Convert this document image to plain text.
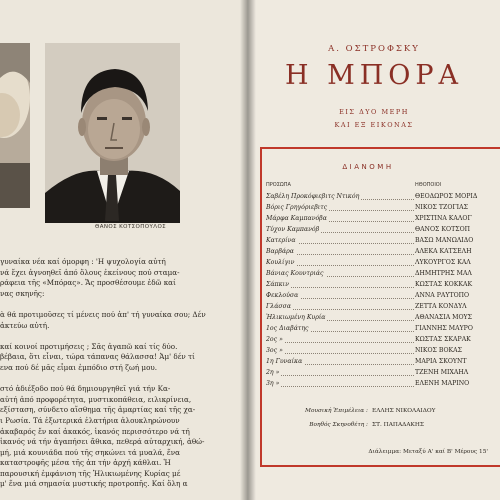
ΘΑΝΟΣ ΚΟΤΣΟΠΟΥΛΟΣ

γυναίκα νέα καί όμορφη : 'Η ψυχολογία αὐτή

νά ἔχει ἀγνοηθεῖ ἀπό ὅλους ἐκείνους πού σταμα-

ράφεια τῆς «Μπόρας». Ἄς προσθέσουμε ἐδῶ καί

νας σκηνῆς:

ὰ θά προτιμοῦσες τί μένεις πού ἀπ' τή γυναίκα σου; Δέν

ἀκτεύω αὐτή.

καί κοινοί προτιμήσεις ; Σᾶς ἀγαπῶ καί τίς δύο.

βέβαια, ὅτι εἶναι, τώρα τάπανας θάλασσα! Ἀμ' δέν τί

ενα πού δέ μᾶς εἶμαι ἐμπόδιο στή ζωή μου.

στό ἀδιέξοδο πού θά δημιουργηθεῖ γιά τήν Κα-

αὐτή ἀπό προφορέτητα, μυστικοπάθεια, ειλικρίνεια,

εξίσταση, σύνδετο αἴσθημα τῆς ἁμαρτίας καί τῆς χα-

ι Ρωσία. Τά ἐξωτερικά ἐλατήρια ἀλουκληρώνουν

ἀκαβαρός ἔν καί ἀκακός, ἱκανός περισσότερο νά τή

ἱκανός νά τήν ἀγαπήσει ἄθικα, πεθερά αὐταρχική, ἀθώ-

μή, μιά κουνιάδα πού τῆς σηκώνει τά μυαλά, ἕνα

καταστροφῆς μέσα τῆς ἀπ τήν ἀρχή κάθλαι. Ἡ

παρουσική ἐμφάνιση τῆς Ἠλικιωμένης Κυρίας μέ

μ' ἕνα μιά σημασία μυστικής προτροπῆς. Καί ὅλη α

Α. ΟΣΤΡΟΦΣΚΥ
Η ΜΠΟΡΑ
ΕΙΣ ΔΥΟ ΜΕΡΗ
ΚΑΙ ΕΞ ΕΙΚΟΝΑΣ
ΔΙΑΝΟΜΗ
ΠΡΟΣΩΠΑ	ΗΘΟΠΟΙΟΙ
Σαβέλη Προκόφιεβιτς Ντικόη	ΘΕΟΔΩΡΟΣ ΜΟΡΙΔ
Βόρις Γρηγόριεβιτς	ΝΙΚΟΣ ΤΖΟΓΙΑΣ
Μάρφα Καμπανόβα	ΧΡΙΣΤΙΝΑ ΚΑΛΟΓ
Τύχον Καμπανόβ	ΘΑΝΟΣ ΚΟΤΣΟΠ
Κατερίνα	ΒΑΣΩ ΜΑΝΩΛΙΔΟ
Βαρβάρα	ΑΛΕΚΑ ΚΑΤΣΕΛΗ
Κουλίγιν	ΛΥΚΟΥΡΓΟΣ ΚΑΛ
Βάνιας Κουντριάς	ΔΗΜΗΤΡΗΣ ΜΑΛ
Σάπκιν	ΚΩΣΤΑΣ ΚΟΚΚΑΚ
Φεκλούσα	ΑΝΝΑ ΡΑΥΤΟΠΟ
Γλάσσα	ΖΕΤΤΑ ΚΟΝΔΥΛ
Ἠλικιωμένη Κυρία	ΑΘΑΝΑΣΙΑ ΜΟΥΣ
1ος Διαβάτης	ΓΙΑΝΝΗΣ ΜΑΥΡΟ
2ος »	ΚΩΣΤΑΣ ΣΚΑΡΑΚ
3ος »	ΝΙΚΟΣ ΒΟΚΑΣ
1η Γυναίκα	ΜΑΡΙΑ ΣΚΟΥΝΤ
2η »	ΤΖΕΝΗ ΜΙΧΑΗΛ
3η »	ΕΛΕΝΗ ΜΑΡΙΝΟ
Μουσική Ἐπιμέλεια : ΕΛΛΗΣ ΝΙΚΟΛΑΙΔΟΥ
Βοηθός Σκηνοθέτη : ΣΤ. ΠΑΠΑΔΑΚΗΣ
Διάλειμμα: Μεταξύ Α' καί Β' Μέρους 15'
